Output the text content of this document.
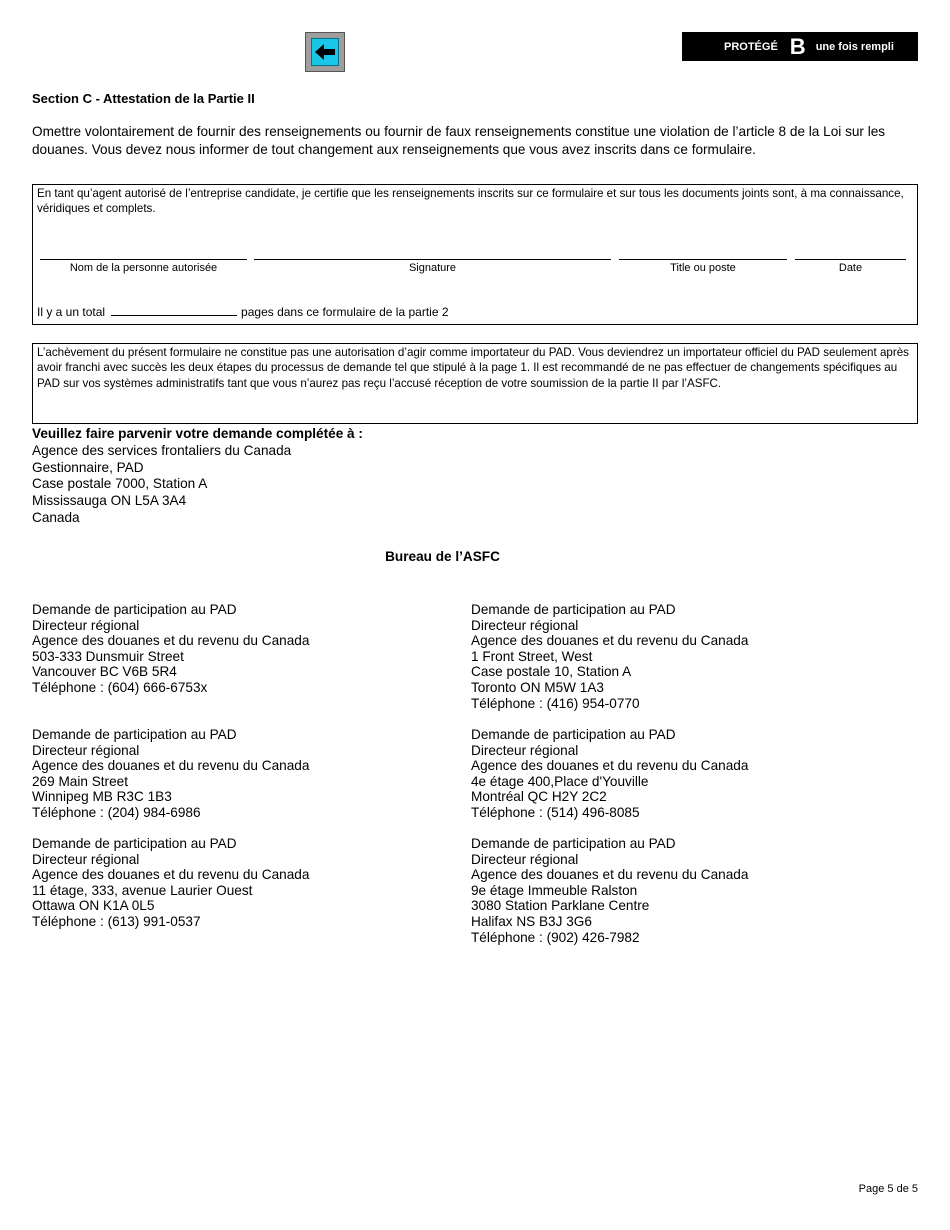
PROTÉGÉ B une fois rempli
Section C - Attestation de la Partie II
Omettre volontairement de fournir des renseignements ou fournir de faux renseignements constitue une violation de l’article 8 de la Loi sur les douanes. Vous devez nous informer de tout changement aux renseignements que vous avez inscrits dans ce formulaire.
En tant qu’agent autorisé de l’entreprise candidate, je certifie que les renseignements inscrits sur ce formulaire et sur tous les documents joints sont, à ma connaissance, véridiques et complets.
Nom de la personne autorisée	Signature	Title ou poste	Date
Il y a un total	pages dans ce formulaire de la partie 2
L’achèvement du présent formulaire ne constitue pas une autorisation d’agir comme importateur du PAD. Vous deviendrez un importateur officiel du PAD seulement après avoir franchi avec succès les deux étapes du processus de demande tel que stipulé à la page 1. Il est recommandé de ne pas effectuer de changements spécifiques au PAD sur vos systèmes administratifs tant que vous n’aurez pas reçu l’accusé réception de votre soumission de la partie II par l’ASFC.
Veuillez faire parvenir votre demande complétée à :
Agence des services frontaliers du Canada
Gestionnaire, PAD
Case postale 7000, Station A
Mississauga ON L5A 3A4
Canada
Bureau de l’ASFC
Demande de participation au PAD
Directeur régional
Agence des douanes et du revenu du Canada
503-333 Dunsmuir Street
Vancouver BC V6B 5R4
Téléphone : (604) 666-6753x
Demande de participation au PAD
Directeur régional
Agence des douanes et du revenu du Canada
1 Front Street, West
Case postale 10, Station A
Toronto ON M5W 1A3
Téléphone : (416) 954-0770
Demande de participation au PAD
Directeur régional
Agence des douanes et du revenu du Canada
269 Main Street
Winnipeg MB R3C 1B3
Téléphone : (204) 984-6986
Demande de participation au PAD
Directeur régional
Agence des douanes et du revenu du Canada
4e étage 400,Place d'Youville
Montréal QC H2Y 2C2
Téléphone : (514) 496-8085
Demande de participation au PAD
Directeur régional
Agence des douanes et du revenu du Canada
11 étage, 333, avenue Laurier Ouest
Ottawa ON K1A 0L5
Téléphone : (613) 991-0537
Demande de participation au PAD
Directeur régional
Agence des douanes et du revenu du Canada
9e étage Immeuble Ralston
3080 Station Parklane Centre
Halifax NS B3J 3G6
Téléphone : (902) 426-7982
Page 5 de 5
